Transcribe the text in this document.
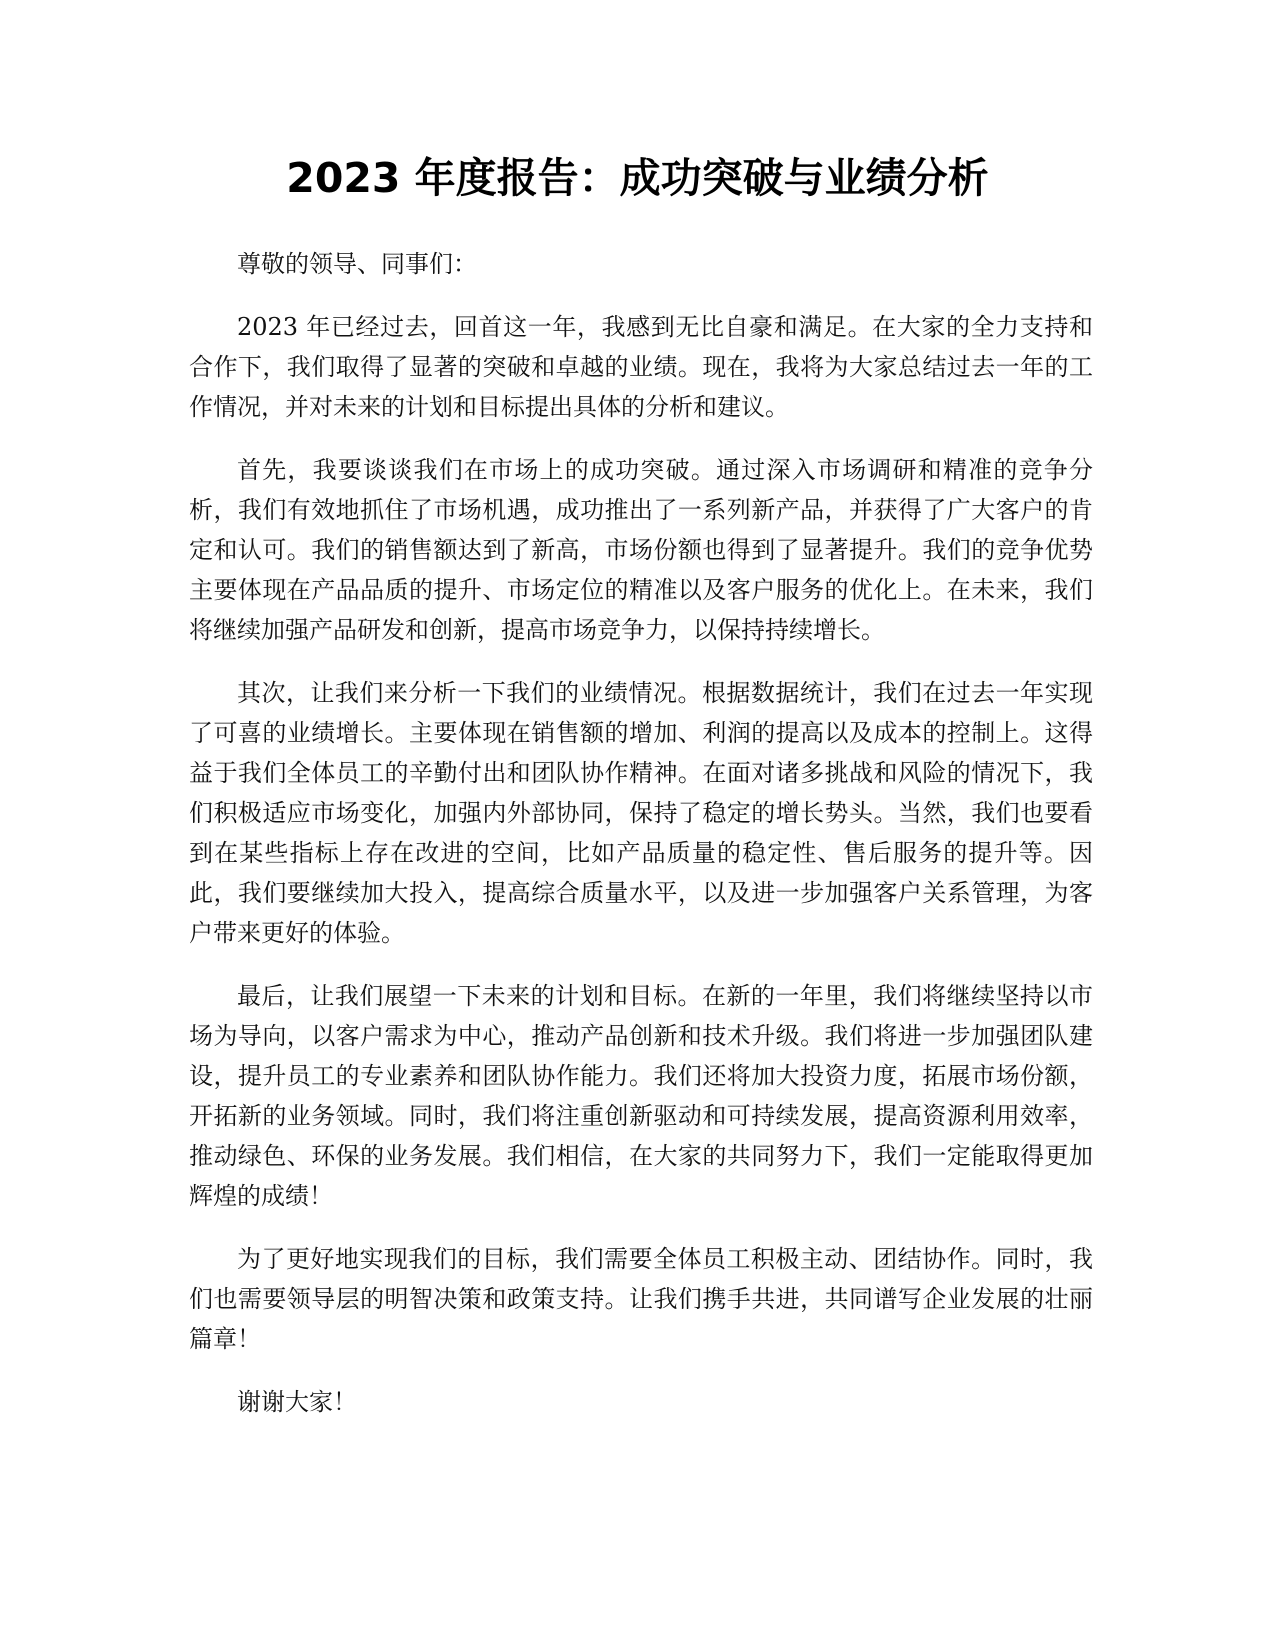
2023 年度报告：成功突破与业绩分析

尊敬的领导、同事们：

2023 年已经过去，回首这一年，我感到无比自豪和满足。在大家的全力支持和合作下，我们取得了显著的突破和卓越的业绩。现在，我将为大家总结过去一年的工作情况，并对未来的计划和目标提出具体的分析和建议。

首先，我要谈谈我们在市场上的成功突破。通过深入市场调研和精准的竞争分析，我们有效地抓住了市场机遇，成功推出了一系列新产品，并获得了广大客户的肯定和认可。我们的销售额达到了新高，市场份额也得到了显著提升。我们的竞争优势主要体现在产品品质的提升、市场定位的精准以及客户服务的优化上。在未来，我们将继续加强产品研发和创新，提高市场竞争力，以保持持续增长。

其次，让我们来分析一下我们的业绩情况。根据数据统计，我们在过去一年实现了可喜的业绩增长。主要体现在销售额的增加、利润的提高以及成本的控制上。这得益于我们全体员工的辛勤付出和团队协作精神。在面对诸多挑战和风险的情况下，我们积极适应市场变化，加强内外部协同，保持了稳定的增长势头。当然，我们也要看到在某些指标上存在改进的空间，比如产品质量的稳定性、售后服务的提升等。因此，我们要继续加大投入，提高综合质量水平，以及进一步加强客户关系管理，为客户带来更好的体验。

最后，让我们展望一下未来的计划和目标。在新的一年里，我们将继续坚持以市场为导向，以客户需求为中心，推动产品创新和技术升级。我们将进一步加强团队建设，提升员工的专业素养和团队协作能力。我们还将加大投资力度，拓展市场份额，开拓新的业务领域。同时，我们将注重创新驱动和可持续发展，提高资源利用效率，推动绿色、环保的业务发展。我们相信，在大家的共同努力下，我们一定能取得更加辉煌的成绩！

为了更好地实现我们的目标，我们需要全体员工积极主动、团结协作。同时，我们也需要领导层的明智决策和政策支持。让我们携手共进，共同谱写企业发展的壮丽篇章！

谢谢大家！
